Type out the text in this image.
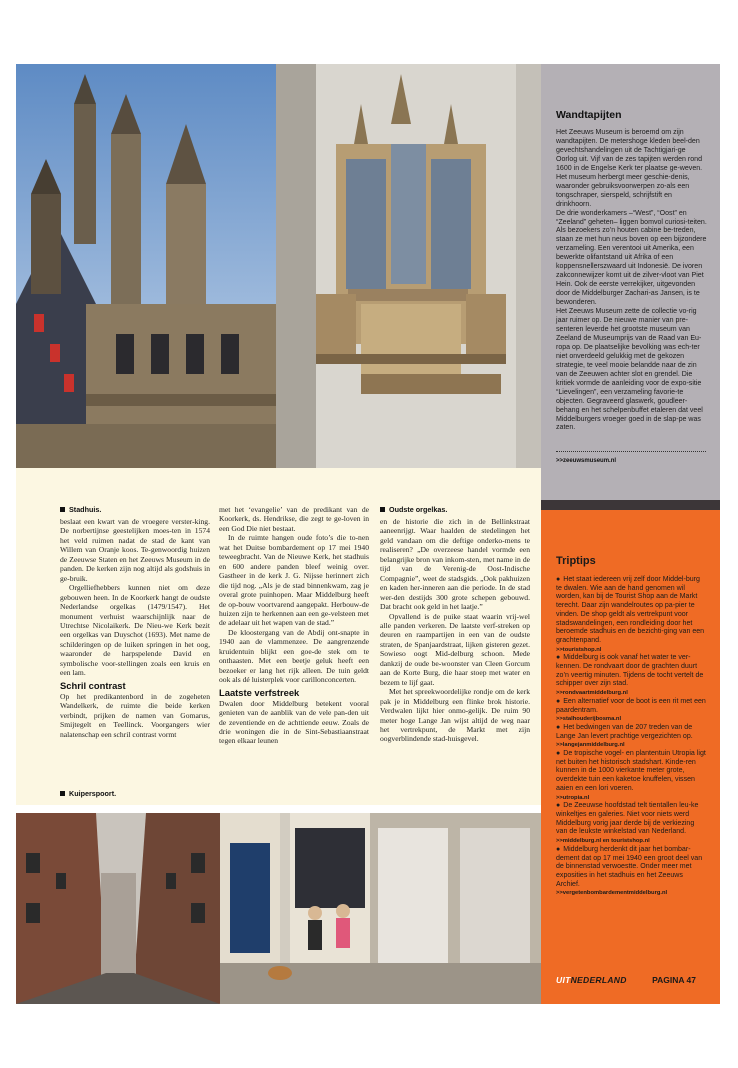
Wandtapijten

Het Zeeuws Museum is beroemd om zijn wandtapijten. De metershoge kleden beel-den gevechtshandelingen uit de Tachtigjari-ge Oorlog uit. Vijf van de zes tapijten werden rond 1600 in de Engelse Kerk ter plaatse ge-weven. Het museum herbergt meer geschie-denis, waaronder gebruiksvoorwerpen zo-als een tongschraper, sierspeld, schrijfstift en drinkhoorn.

De drie wonderkamers –“West”, “Oost” en “Zeeland” geheten– liggen bomvol curiosi-teiten. Als bezoekers zo’n houten cabine be-treden, staan ze met hun neus boven op een bijzondere verzameling. Een verentooi uit Amerika, een bewerkte olifantstand uit Afrika of een koppensnellerszwaard uit Indonesië. De ivoren zakconnewijzer komt uit de zilver-vloot van Piet Hein. Ook de eerste verrekijker, uitgevonden door de Middelburger Zachari-as Jansen, is te bewonderen.

Het Zeeuws Museum zette de collectie vo-rig jaar ruimer op. De nieuwe manier van pre-senteren leverde het grootste museum van Zeeland de Museumprijs van de Raad van Eu-ropa op. De plaatselijke bevolking was ech-ter niet onverdeeld gelukkig met de gekozen strategie, te veel mooie belandde naar de zin van de Zeeuwen achter slot en grendel. Die kritiek vormde de aanleiding voor de expo-sitie “Lievelingen”, een verzameling favorie-te objecten. Gegraveerd glaswerk, goudleer-behang en het schelpenbuffet etaleren dat veel Middelburgers vroeger goed in de slap-pe was zaten.

>>zeeuwsmuseum.nl
Stadhuis.

beslaat een kwart van de vroegere verster-king. De norbertijnse geestelijken moes-ten in 1574 het veld ruimen nadat de stad de kant van Willem van Oranje koos. Te-genwoordig huizen de Zeeuwse Staten en het Zeeuws Museum in de panden. De kerken zijn nog altijd als godshuis in ge-bruik.

Orgelliefhebbers kunnen niet om deze gebouwen heen. In de Koorkerk hangt de oudste Nederlandse orgelkas (1479/1547). Het monument verhuist waarschijnlijk naar de Utrechtse Nicolaikerk. De Nieu-we Kerk bezit een orgelkas van Duyschot (1693). Met name de schilderingen op de luiken springen in het oog, waaronder de harpspelende David en symbolische voor-stellingen zoals een kruis en een lam.

Schril contrast

Op het predikantenbord in de zogeheten Wandelkerk, de ruimte die beide kerken verbindt, prijken de namen van Gomarus, Smijtegelt en Teellinck. Voorgangers wier nalatenschap een schril contrast vormt

Kuiperspoort.

met het ‘evangelie’ van de predikant van de Koorkerk, ds. Hendrikse, die zegt te ge-loven in een God Die niet bestaat.

In de ruimte hangen oude foto’s die to-nen wat het Duitse bombardement op 17 mei 1940 teweegbracht. Van de Nieuwe Kerk, het stadhuis en 600 andere panden bleef weinig over. Gastheer in de kerk J. G. Nijsse herinnert zich die tijd nog. „Als je de stad binnenkwam, zag je overal grote puinhopen. Maar Middelburg heeft de op-bouw voortvarend aangepakt. Herbouw-de huizen zijn te herkennen aan een ge-velsteen met de adelaar uit het wapen van de stad.”

De kloostergang van de Abdij ont-snapte in 1940 aan de vlammenzee. De aangrenzende kruidentuin blijkt een goe-de stek om te onthaasten. Met een beetje geluk heeft een bezoeker er lang het rijk alleen. De tuin geldt ook als dé luisterplek voor carillonconcerten.

Laatste verfstreek

Dwalen door Middelburg betekent vooral genieten van de aanblik van de vele pan-den uit de zeventiende en de achttiende eeuw. Zoals de drie woningen die in de Sint-Sebastiaanstraat tegen elkaar leunen

Oudste orgelkas.

en de historie die zich in de Bellinkstraat aaneenrijgt. Waar haalden de stedelingen het geld vandaan om die deftige onderko-mens te realiseren? „De overzeese handel vormde een belangrijke bron van inkom-sten, met name in de tijd van de Verenig-de Oost-Indische Compagnie”, weet de stadsgids. „Ook pakhuizen en kaden her-inneren aan die periode. In de stad wer-den destijds 300 grote schepen gebouwd. Dat bracht ook geld in het laatje.”

Opvallend is de puike staat waarin vrij-wel alle panden verkeren. De laatste verf-streken op deuren en raampartijen in een van de oudste straten, de Spanjaardstraat, lijken gisteren gezet. Sowieso oogt Mid-delburg schoon. Mede dankzij de oude be-woonster van Cleen Gorcum aan de Korte Burg, die haar stoep met water en bezem te lijf gaat.

Met het spreekwoordelijke rondje om de kerk pak je in Middelburg een flinke brok historie. Verdwalen lijkt hier onmo-gelijk. De ruim 90 meter hoge Lange Jan wijst altijd de weg naar het vertrekpunt, de Markt met zijn oogverblindende stad-huisgevel.

Triptips
● Het staat iedereen vrij zelf door Middel-burg te dwalen. Wie aan de hand genomen wil worden, kan bij de Tourist Shop aan de Markt terecht. Daar zijn wandelroutes op pa-pier te vinden. De shop geldt als vertrekpunt voor stadswandelingen, een rondleiding door het beroemde stadhuis en de bezichti-ging van een grachtenpand.
>>touristshop.nl
● Middelburg is ook vanaf het water te ver-kennen. De rondvaart door de grachten duurt zo’n veertig minuten. Tijdens de tocht vertelt de schipper over zijn stad.
>>rondvaartmiddelburg.nl
● Een alternatief voor de boot is een rit met een paardentram.
>>stalhouderijbosma.nl
● Het bedwingen van de 207 treden van de Lange Jan levert prachtige vergezichten op.
>>langejanmiddelburg.nl
● De tropische vogel- en plantentuin Utropia ligt net buiten het historisch stadshart. Kinde-ren kunnen in de 1000 vierkante meter grote, overdekte tuin een kaketoe knuffelen, vissen aaien en een lori voeren.
>>utropia.nl
● De Zeeuwse hoofdstad telt tientallen leu-ke winkeltjes en galeries. Niet voor niets werd Middelburg vorig jaar derde bij de verkiezing van de leukste winkelstad van Nederland.
>>middelburg.nl en touristshop.nl
● Middelburg herdenkt dit jaar het bombar-dement dat op 17 mei 1940 een groot deel van de binnenstad verwoestte. Onder meer met exposities in het stadhuis en het Zeeuws Archief.
>>vergetenbombardementmiddelburg.nl
UITNEDERLAND	PAGINA 47
